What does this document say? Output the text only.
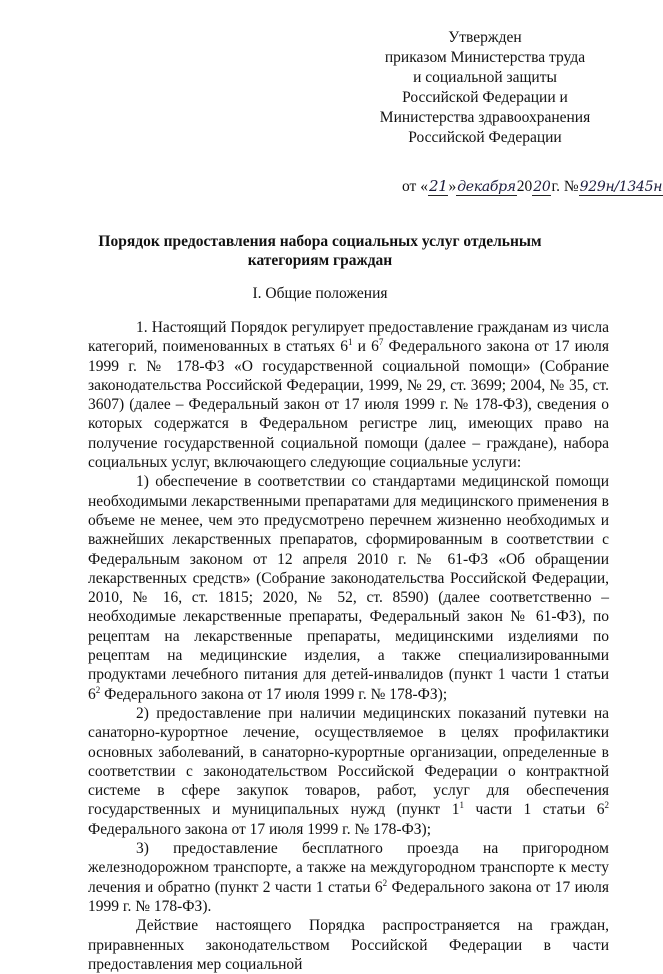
Утвержден
приказом Министерства труда
и социальной защиты
Российской Федерации и
Министерства здравоохранения
Российской Федерации
от «21»декабря2020г. №929н/1345н
Порядок предоставления набора социальных услуг отдельным категориям граждан
I. Общие положения

1. Настоящий Порядок регулирует предоставление гражданам из числа категорий, поименованных в статьях $6^1$ и $6^7$ Федерального закона от 17 июля 1999 г. № 178-ФЗ «О государственной социальной помощи» (Собрание законодательства Российской Федерации, 1999, № 29, ст. 3699; 2004, № 35, ст. 3607) (далее – Федеральный закон от 17 июля 1999 г. № 178-ФЗ), сведения о которых содержатся в Федеральном регистре лиц, имеющих право на получение государственной социальной помощи (далее – граждане), набора социальных услуг, включающего следующие социальные услуги:

1) обеспечение в соответствии со стандартами медицинской помощи необходимыми лекарственными препаратами для медицинского применения в объеме не менее, чем это предусмотрено перечнем жизненно необходимых и важнейших лекарственных препаратов, сформированным в соответствии с Федеральным законом от 12 апреля 2010 г. № 61-ФЗ «Об обращении лекарственных средств» (Собрание законодательства Российской Федерации, 2010, № 16, ст. 1815; 2020, № 52, ст. 8590) (далее соответственно – необходимые лекарственные препараты, Федеральный закон № 61-ФЗ), по рецептам на лекарственные препараты, медицинскими изделиями по рецептам на медицинские изделия, а также специализированными продуктами лечебного питания для детей-инвалидов (пункт 1 части 1 статьи $6^2$ Федерального закона от 17 июля 1999 г. № 178-ФЗ);

2) предоставление при наличии медицинских показаний путевки на санаторно-курортное лечение, осуществляемое в целях профилактики основных заболеваний, в санаторно-курортные организации, определенные в соответствии с законодательством Российской Федерации о контрактной системе в сфере закупок товаров, работ, услуг для обеспечения государственных и муниципальных нужд (пункт $1^1$ части 1 статьи $6^2$ Федерального закона от 17 июля 1999 г. № 178-ФЗ);

3) предоставление бесплатного проезда на пригородном железнодорожном транспорте, а также на междугородном транспорте к месту лечения и обратно (пункт 2 части 1 статьи $6^2$ Федерального закона от 17 июля 1999 г. № 178-ФЗ).

Действие настоящего Порядка распространяется на граждан, приравненных законодательством Российской Федерации в части предоставления мер социальной
